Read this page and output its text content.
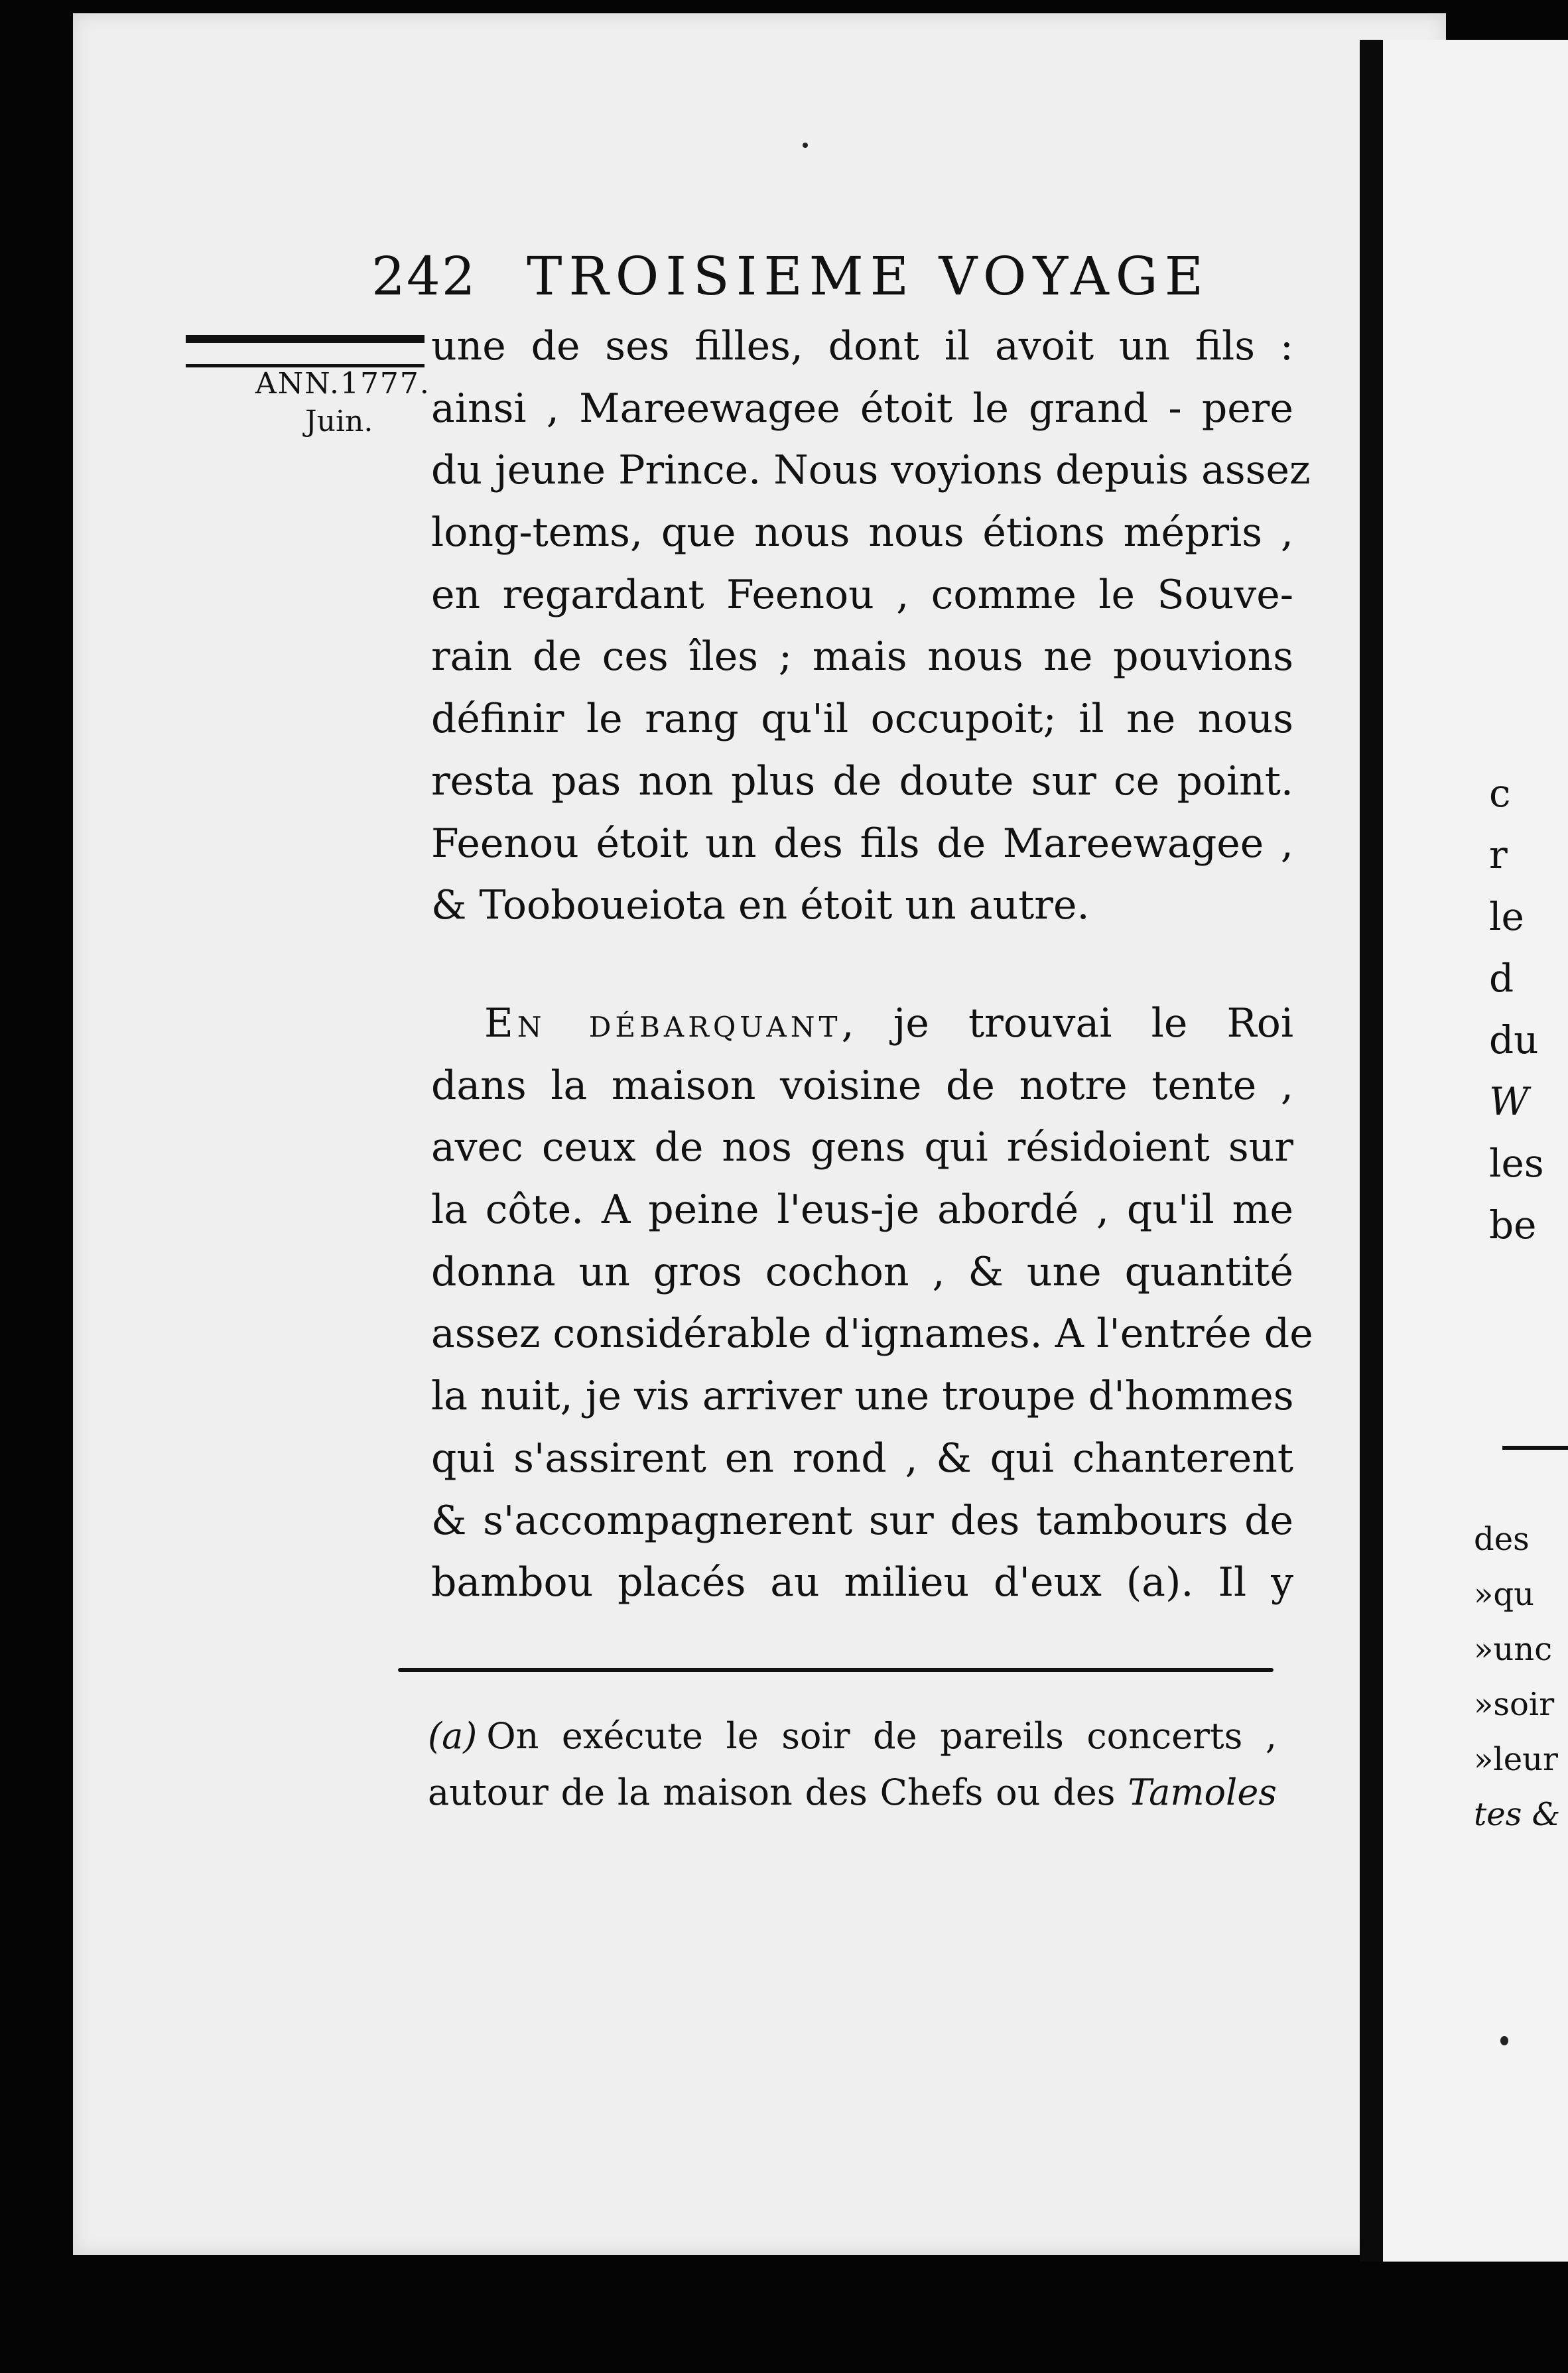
242 TROISIEME VOYAGE
ANN.1777.
Juin.
une de ses filles, dont il avoit un fils :
ainsi , Mareewagee étoit le grand - pere
du jeune Prince. Nous voyions depuis assez
long-tems, que nous nous étions mépris ,
en regardant Feenou , comme le Souve-
rain de ces îles ; mais nous ne pouvions
définir le rang qu'il occupoit; il ne nous
resta pas non plus de doute sur ce point.
Feenou étoit un des fils de Mareewagee ,
& Tooboueiota en étoit un autre.
En débarquant, je trouvai le Roi
dans la maison voisine de notre tente ,
avec ceux de nos gens qui résidoient sur
la côte. A peine l'eus-je abordé , qu'il me
donna un gros cochon , & une quantité
assez considérable d'ignames. A l'entrée de
la nuit, je vis arriver une troupe d'hommes
qui s'assirent en rond , & qui chanterent
& s'accompagnerent sur des tambours de
bambou placés au milieu d'eux (a). Il y
(a) On exécute le soir de pareils concerts ,
autour de la maison des Chefs ou des Tamoles
c
r
le
d
du
W
les
be
des
»qu
»unc
»soir
»leur
tes &
